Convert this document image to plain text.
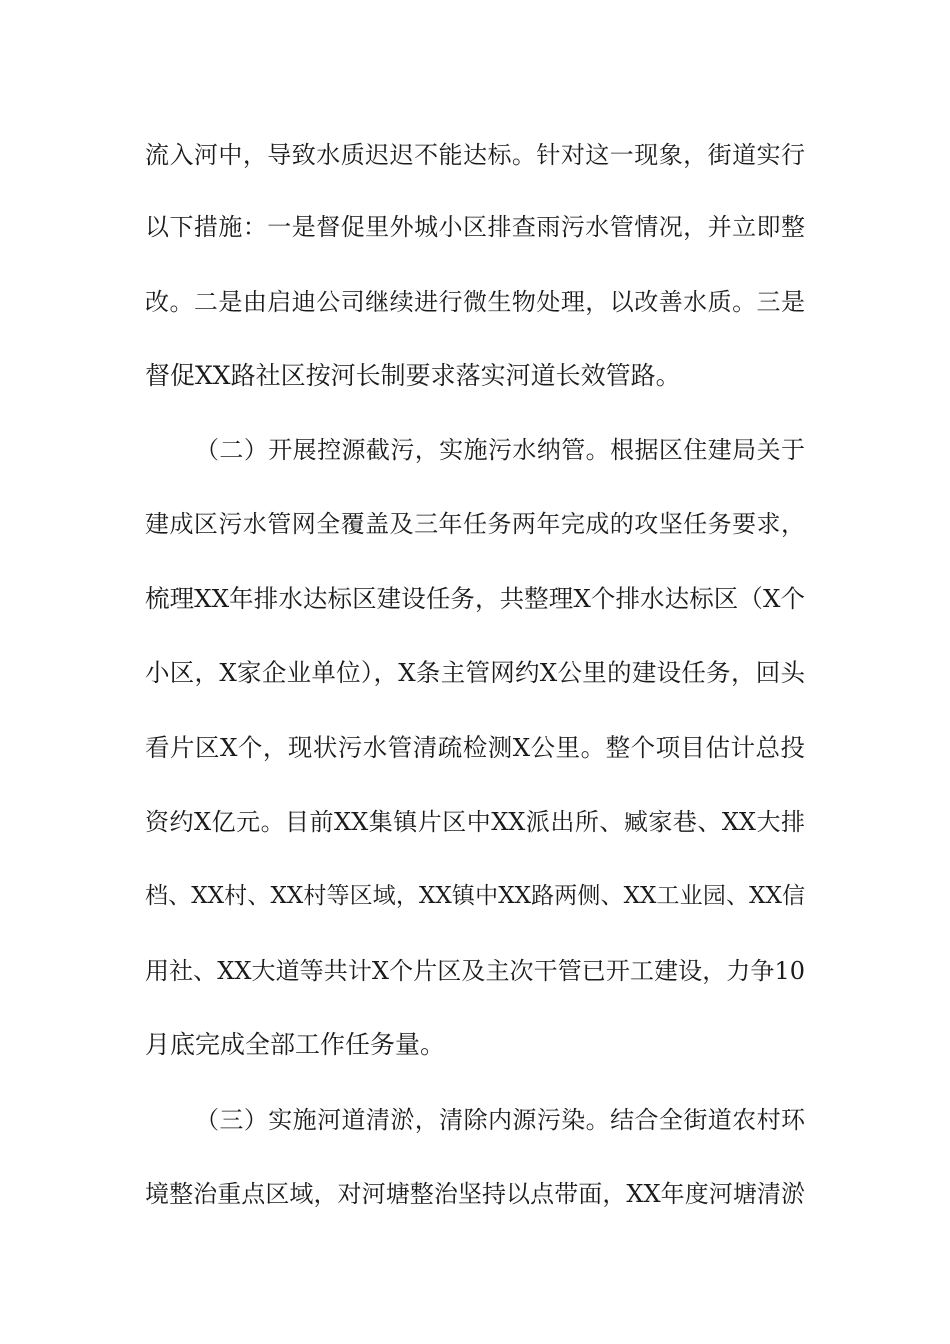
流入河中，导致水质迟迟不能达标。针对这一现象，街道实行
以下措施：一是督促里外城小区排查雨污水管情况，并立即整
改。二是由启迪公司继续进行微生物处理，以改善水质。三是
督促XX路社区按河长制要求落实河道长效管路。
（二）开展控源截污，实施污水纳管。根据区住建局关于
建成区污水管网全覆盖及三年任务两年完成的攻坚任务要求，
梳理XX年排水达标区建设任务，共整理X个排水达标区（X个
小区，X家企业单位），X条主管网约X公里的建设任务，回头
看片区X个，现状污水管清疏检测X公里。整个项目估计总投
资约X亿元。目前XX集镇片区中XX派出所、臧家巷、XX大排
档、XX村、XX村等区域，XX镇中XX路两侧、XX工业园、XX信
用社、XX大道等共计X个片区及主次干管已开工建设，力争10
月底完成全部工作任务量。
（三）实施河道清淤，清除内源污染。结合全街道农村环
境整治重点区域，对河塘整治坚持以点带面，XX年度河塘清淤
